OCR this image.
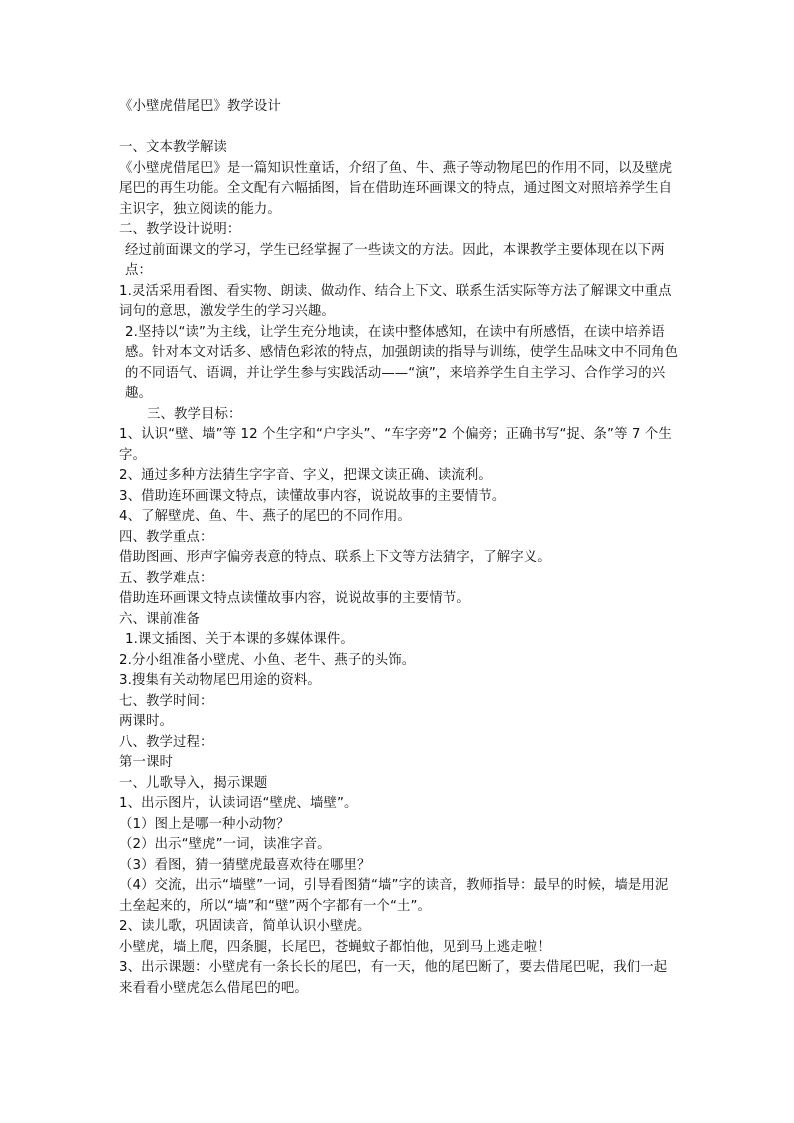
《小壁虎借尾巴》教学设计
一、文本教学解读
《小壁虎借尾巴》是一篇知识性童话，介绍了鱼、牛、燕子等动物尾巴的作用不同，以及壁虎尾巴的再生功能。全文配有六幅插图，旨在借助连环画课文的特点，通过图文对照培养学生自主识字，独立阅读的能力。
二、教学设计说明：
经过前面课文的学习，学生已经掌握了一些读文的方法。因此，本课教学主要体现在以下两点：
1.灵活采用看图、看实物、朗读、做动作、结合上下文、联系生活实际等方法了解课文中重点词句的意思，激发学生的学习兴趣。
2.坚持以“读”为主线，让学生充分地读，在读中整体感知，在读中有所感悟，在读中培养语感。针对本文对话多、感情色彩浓的特点，加强朗读的指导与训练，使学生品味文中不同角色的不同语气、语调，并让学生参与实践活动——“演”，来培养学生自主学习、合作学习的兴趣。
三、教学目标：
1、认识“壁、墙”等 12 个生字和“户字头”、“车字旁”2 个偏旁；正确书写“捉、条”等 7 个生字。
2、通过多种方法猜生字字音、字义，把课文读正确、读流利。
3、借助连环画课文特点，读懂故事内容，说说故事的主要情节。
4、了解壁虎、鱼、牛、燕子的尾巴的不同作用。
四、教学重点：
借助图画、形声字偏旁表意的特点、联系上下文等方法猜字，了解字义。
五、教学难点：
借助连环画课文特点读懂故事内容，说说故事的主要情节。
六、课前准备
1.课文插图、关于本课的多媒体课件。
2.分小组准备小壁虎、小鱼、老牛、燕子的头饰。
3.搜集有关动物尾巴用途的资料。
七、教学时间：
两课时。
八、教学过程：
第一课时
一、儿歌导入，揭示课题
1、出示图片，认读词语“壁虎、墙壁”。
（1）图上是哪一种小动物？
（2）出示“壁虎”一词，读准字音。
（3）看图，猜一猜壁虎最喜欢待在哪里？
（4）交流，出示“墙壁”一词，引导看图猜“墙”字的读音，教师指导：最早的时候，墙是用泥土垒起来的，所以“墙”和“壁”两个字都有一个“土”。
2、读儿歌，巩固读音，简单认识小壁虎。
小壁虎，墙上爬，四条腿，长尾巴，苍蝇蚊子都怕他，见到马上逃走啦！
3、出示课题：小壁虎有一条长长的尾巴，有一天，他的尾巴断了，要去借尾巴呢，我们一起来看看小壁虎怎么借尾巴的吧。
